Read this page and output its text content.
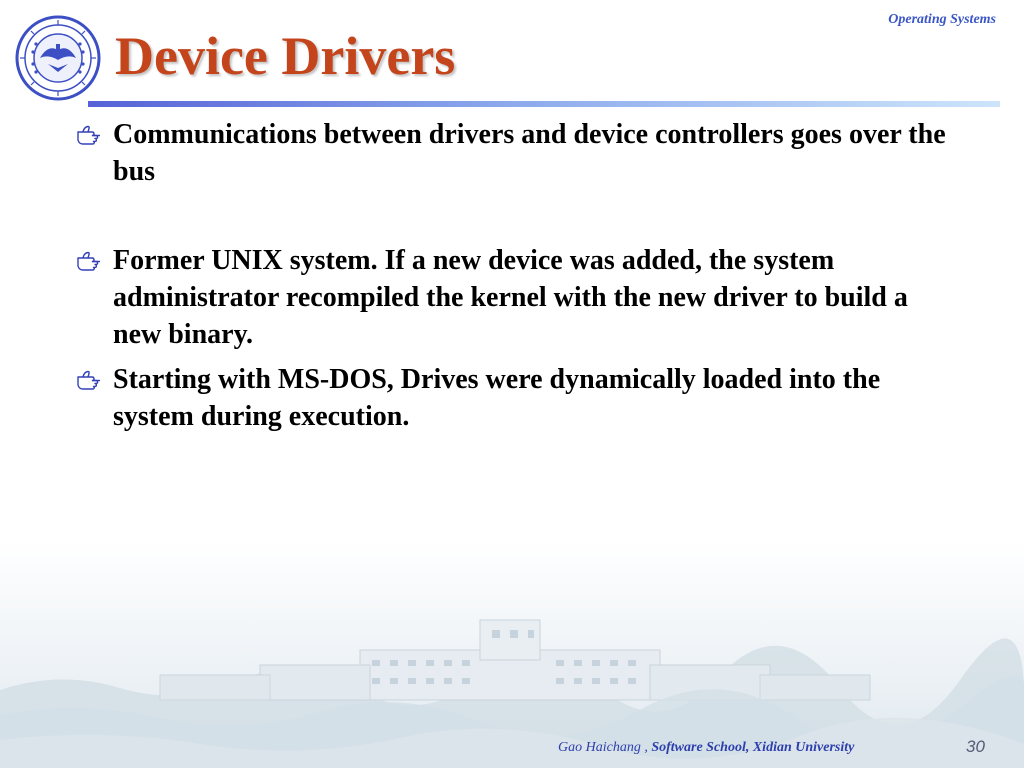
Operating Systems
Device Drivers
Communications between drivers and device controllers goes over the bus
Former UNIX system. If a new device was added, the system administrator recompiled the kernel with the new driver to build a new binary.
Starting with MS-DOS, Drives were dynamically loaded into the system during execution.
Gao Haichang , Software School, Xidian University	30
